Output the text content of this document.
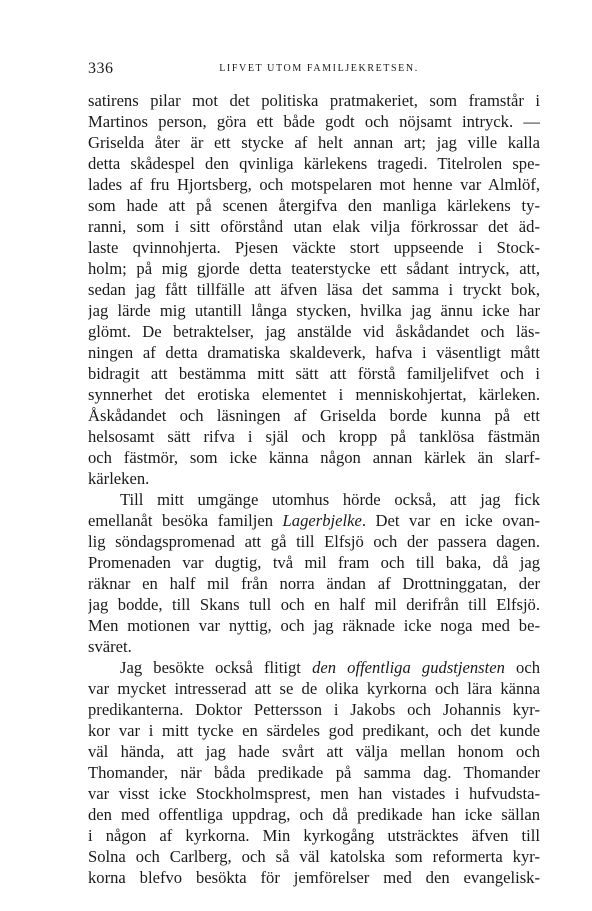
336	LIFVET UTOM FAMILJEKRETSEN.
satirens pilar mot det politiska pratmakeriet, som framstår i
Martinos person, göra ett både godt och nöjsamt intryck. —
Griselda åter är ett stycke af helt annan art; jag ville kalla
detta skådespel den qvinliga kärlekens tragedi. Titelrolen spe-
lades af fru Hjortsberg, och motspelaren mot henne var Almlöf,
som hade att på scenen återgifva den manliga kärlekens ty-
ranni, som i sitt oförstånd utan elak vilja förkrossar det äd-
laste qvinnohjerta. Pjesen väckte stort uppseende i Stock-
holm; på mig gjorde detta teaterstycke ett sådant intryck, att,
sedan jag fått tillfälle att äfven läsa det samma i tryckt bok,
jag lärde mig utantill långa stycken, hvilka jag ännu icke har
glömt. De betraktelser, jag anstälde vid åskådandet och läs-
ningen af detta dramatiska skaldeverk, hafva i väsentligt mått
bidragit att bestämma mitt sätt att förstå familjelifvet och i
synnerhet det erotiska elementet i menniskohjertat, kärleken.
Åskådandet och läsningen af Griselda borde kunna på ett
helsosamt sätt rifva i själ och kropp på tanklösa fästmän
och fästmör, som icke känna någon annan kärlek än slarf-
kärleken.
Till mitt umgänge utomhus hörde också, att jag fick
emellanåt besöka familjen Lagerbjelke. Det var en icke ovan-
lig söndagspromenad att gå till Elfsjö och der passera dagen.
Promenaden var dugtig, två mil fram och till baka, då jag
räknar en half mil från norra ändan af Drottninggatan, der
jag bodde, till Skans tull och en half mil derifrån till Elfsjö.
Men motionen var nyttig, och jag räknade icke noga med be-
sväret.
Jag besökte också flitigt den offentliga gudstjensten och
var mycket intresserad att se de olika kyrkorna och lära känna
predikanterna. Doktor Pettersson i Jakobs och Johannis kyr-
kor var i mitt tycke en särdeles god predikant, och det kunde
väl hända, att jag hade svårt att välja mellan honom och
Thomander, när båda predikade på samma dag. Thomander
var visst icke Stockholmsprest, men han vistades i hufvudsta-
den med offentliga uppdrag, och då predikade han icke sällan
i någon af kyrkorna. Min kyrkogång utsträcktes äfven till
Solna och Carlberg, och så väl katolska som reformerta kyr-
korna blefvo besökta för jemförelser med den evangelisk-
